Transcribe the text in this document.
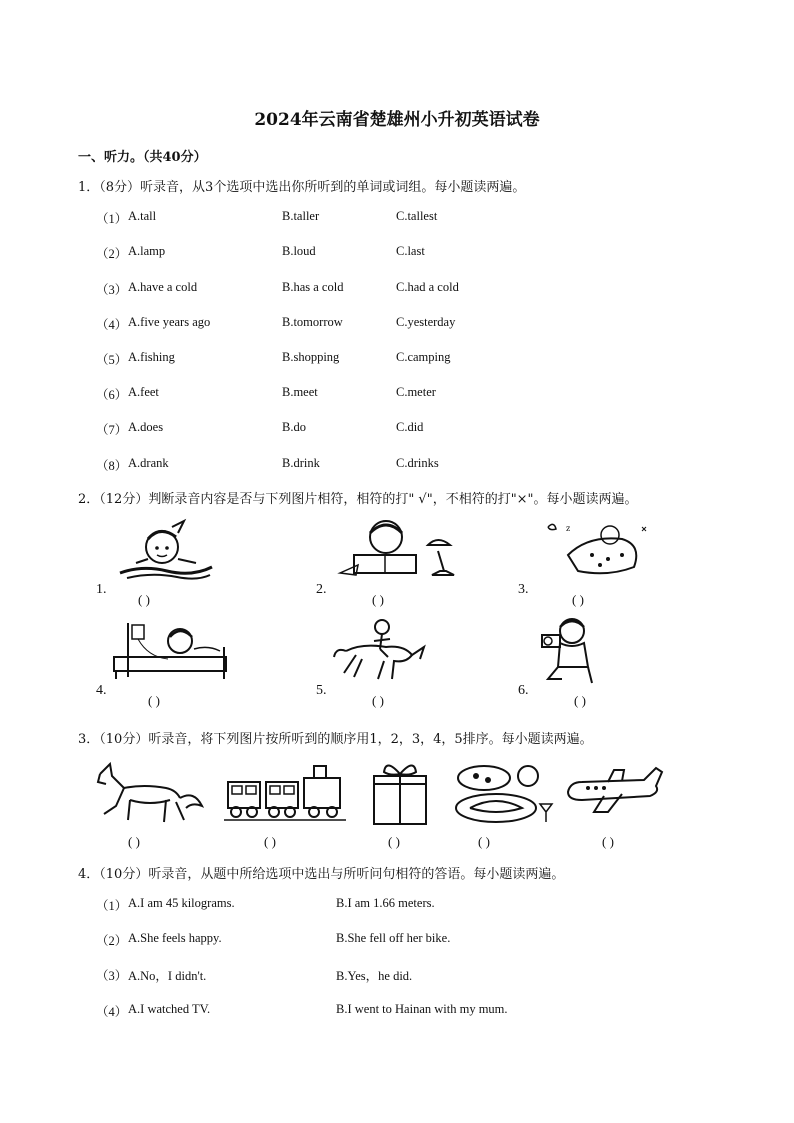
2024年云南省楚雄州小升初英语试卷
一、听力。（共40分）
1．（8分）听录音，从3个选项中选出你所听到的单词或词组。每小题读两遍。
（1） A.tall	B.taller	C.tallest
（2） A.lamp	B.loud	C.last
（3） A.have a cold	B.has a cold	C.had a cold
（4） A.five years ago	B.tomorrow	C.yesterday
（5） A.fishing	B.shopping	C.camping
（6） A.feet	B.meet	C.meter
（7） A.does	B.do	C.did
（8） A.drank	B.drink	C.drinks
2．（12分）判断录音内容是否与下列图片相符，相符的打" √"，不相符的打"×"。每小题读两遍。
1.
( )
2.
( )
z
3.
( )
4.
( )
5.
( )
6.
( )
3．（10分）听录音，将下列图片按所听到的顺序用1，2，3，4，5排序。每小题读两遍。
( )	( )	( )	( )	( )
4．（10分）听录音，从题中所给选项中选出与所听问句相符的答语。每小题读两遍。
（1） A.I am 45 kilograms.	B.I am 1.66 meters.
（2） A.She feels happy.	B.She fell off her bike.
（3） A.No，I didn't.	B.Yes，he did.
（4） A.I watched TV.	B.I went to Hainan with my mum.
